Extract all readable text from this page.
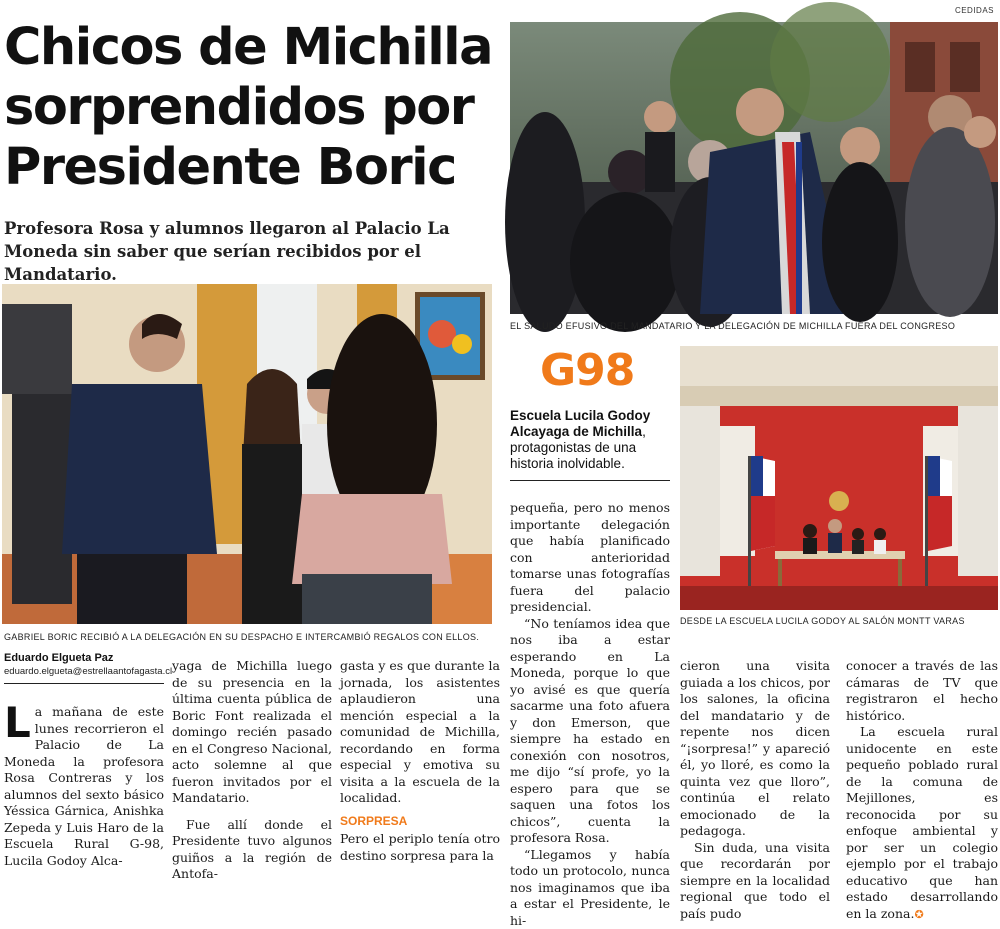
CEDIDAS
Chicos de Michilla sorprendidos por Presidente Boric
Profesora Rosa y alumnos llegaron al Palacio La Moneda sin saber que serían recibidos por el Mandatario.
EL SALUDO EFUSIVO DEL MANDATARIO Y LA DELEGACIÓN DE MICHILLA FUERA DEL CONGRESO
GABRIEL BORIC RECIBIÓ A LA DELEGACIÓN EN SU DESPACHO E INTERCAMBIÓ REGALOS CON ELLOS.
G98
Escuela Lucila Godoy Alcayaga de Michilla, protagonistas de una historia inolvidable.
DESDE LA ESCUELA LUCILA GODOY AL SALÓN MONTT VARAS
Eduardo Elgueta Paz
eduardo.elgueta@estrellaantofagasta.cl

La mañana de este lunes recorrieron el Palacio de La Moneda la profesora Rosa Contreras y los alumnos del sexto básico Yéssica Gárnica, Anishka Zepeda y Luis Haro de la Escuela Rural G-98, Lucila Godoy Alca-

yaga de Michilla luego de su presencia en la última cuenta pública de Boric Font realizada el domingo recién pasado en el Congreso Nacional, acto solemne al que fueron invitados por el Mandatario.

Fue allí donde el Presidente tuvo algunos guiños a la región de Antofa-

gasta y es que durante la jornada, los asistentes aplaudieron una mención especial a la comunidad de Michilla, recordando en forma especial y emotiva su visita a la escuela de la localidad.

SORPRESA

Pero el periplo tenía otro destino sorpresa para la

pequeña, pero no menos importante delegación que había planificado con anterioridad tomarse unas fotografías fuera del palacio presidencial.

“No teníamos idea que nos iba a estar esperando en La Moneda, porque lo que yo avisé es que quería sacarme una foto afuera y don Emerson, que siempre ha estado en conexión con nosotros, me dijo “sí profe, yo la espero para que se saquen una fotos los chicos”, cuenta la profesora Rosa.

“Llegamos y había todo un protocolo, nunca nos imaginamos que iba a estar el Presidente, le hi-

cieron una visita guiada a los chicos, por los salones, la oficina del mandatario y de repente nos dicen “¡sorpresa!” y apareció él, yo lloré, es como la quinta vez que lloro”, continúa el relato emocionado de la pedagoga.

Sin duda, una visita que recordarán por siempre en la localidad regional que todo el país pudo

conocer a través de las cámaras de TV que registraron el hecho histórico.

La escuela rural unidocente en este pequeño poblado rural de la comuna de Mejillones, es reconocida por su enfoque ambiental y por ser un colegio ejemplo por el trabajo educativo que han estado desarrollando en la zona.✪
